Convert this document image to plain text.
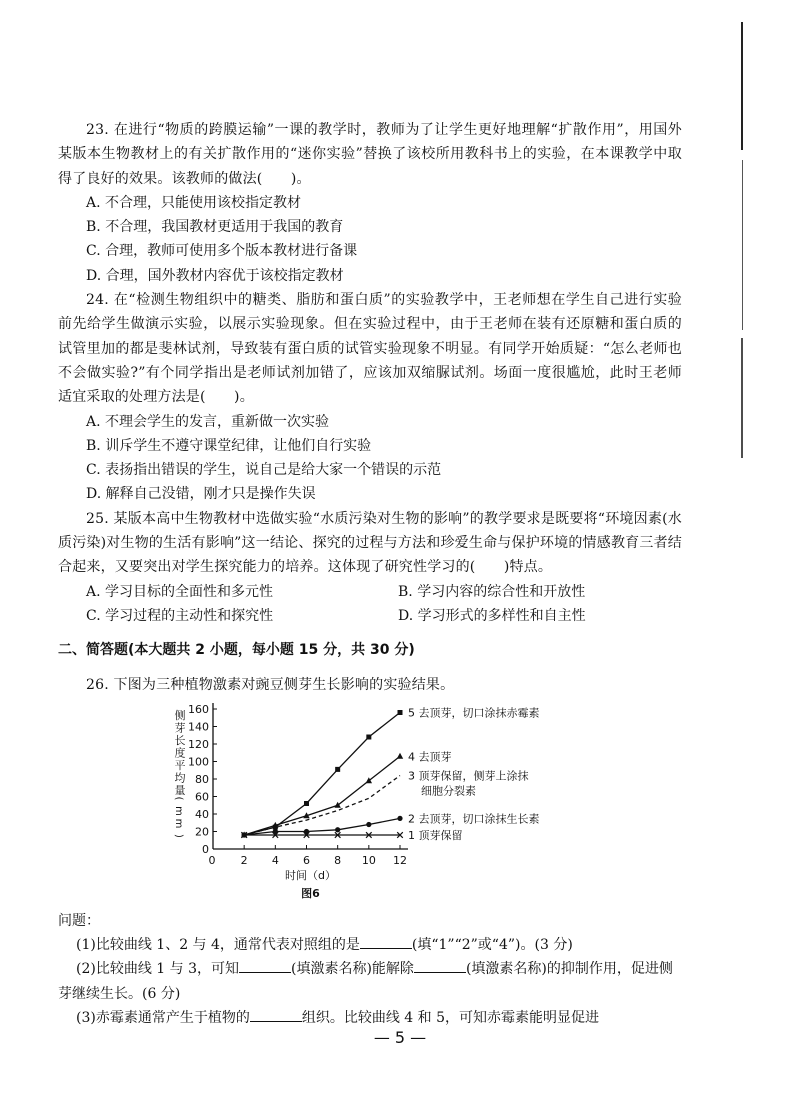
23. 在进行“物质的跨膜运输”一课的教学时，教师为了让学生更好地理解“扩散作用”，用国外某版本生物教材上的有关扩散作用的“迷你实验”替换了该校所用教科书上的实验，在本课教学中取得了良好的效果。该教师的做法(　　)。

A. 不合理，只能使用该校指定教材

B. 不合理，我国教材更适用于我国的教育

C. 合理，教师可使用多个版本教材进行备课

D. 合理，国外教材内容优于该校指定教材

24. 在“检测生物组织中的糖类、脂肪和蛋白质”的实验教学中，王老师想在学生自己进行实验前先给学生做演示实验，以展示实验现象。但在实验过程中，由于王老师在装有还原糖和蛋白质的试管里加的都是斐林试剂，导致装有蛋白质的试管实验现象不明显。有同学开始质疑：“怎么老师也不会做实验?”有个同学指出是老师试剂加错了，应该加双缩脲试剂。场面一度很尴尬，此时王老师适宜采取的处理方法是(　　)。

A. 不理会学生的发言，重新做一次实验

B. 训斥学生不遵守课堂纪律，让他们自行实验

C. 表扬指出错误的学生，说自己是给大家一个错误的示范

D. 解释自己没错，刚才只是操作失误

25. 某版本高中生物教材中选做实验“水质污染对生物的影响”的教学要求是既要将“环境因素(水质污染)对生物的生活有影响”这一结论、探究的过程与方法和珍爱生命与保护环境的情感教育三者结合起来，又要突出对学生探究能力的培养。这体现了研究性学习的(　　)特点。

A. 学习目标的全面性和多元性	B. 学习内容的综合性和开放性
C. 学习过程的主动性和探究性	D. 学习形式的多样性和自主性

二、简答题(本大题共 2 小题，每小题 15 分，共 30 分)

26. 下图为三种植物激素对豌豆侧芽生长影响的实验结果。

0
20
40
60
80
100
120
140
160
0 2 4 6 8 10 12
时间（d）
侧
芽
长
度
平
均
量
(
m
m
)
图6
5 去顶芽，切口涂抹赤霉素
4 去顶芽
3 顶芽保留，侧芽上涂抹
细胞分裂素
2 去顶芽，切口涂抹生长素
1 顶芽保留

问题：

(1)比较曲线 1、2 与 4，通常代表对照组的是	(填“1”“2”或“4”)。(3 分)

(2)比较曲线 1 与 3，可知	(填激素名称)能解除	(填激素名称)的抑制作用，促进侧芽继续生长。(6 分)

(3)赤霉素通常产生于植物的	组织。比较曲线 4 和 5，可知赤霉素能明显促进

— 5 —
